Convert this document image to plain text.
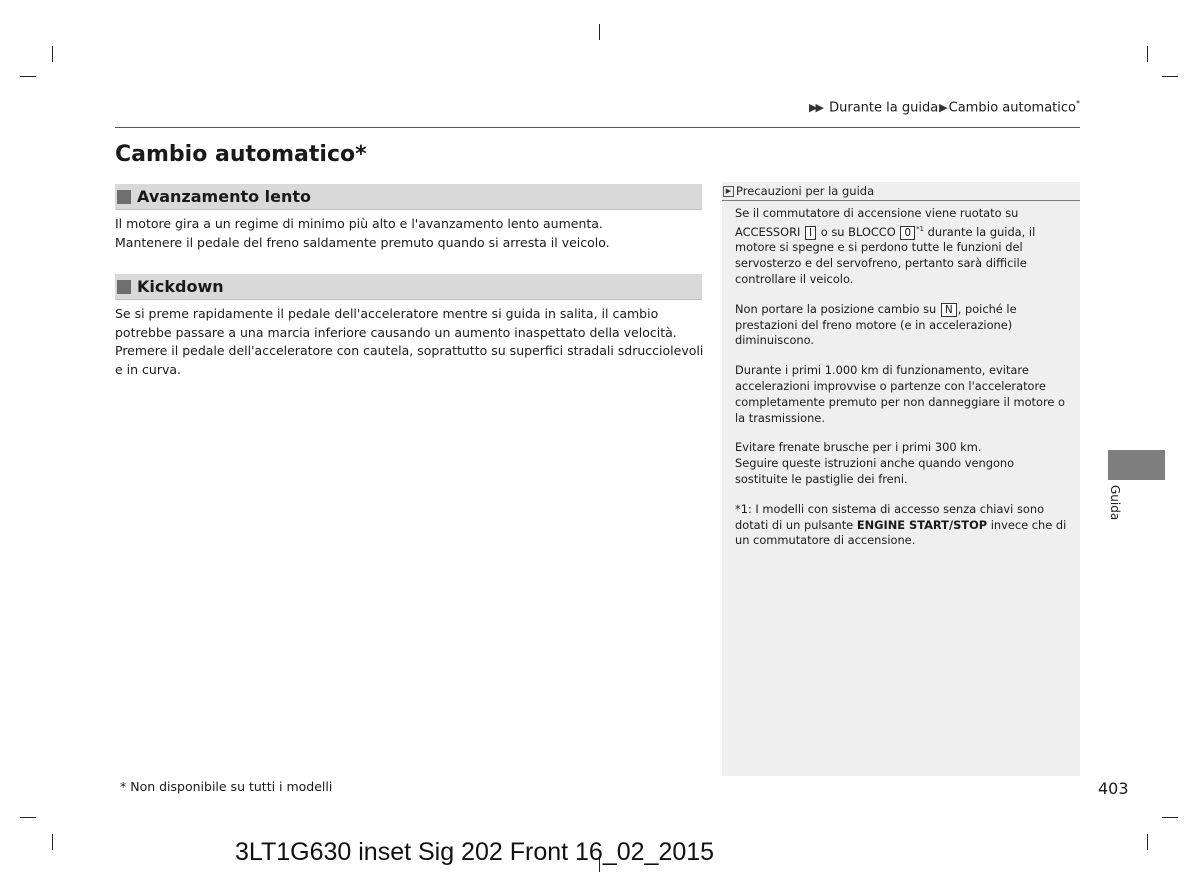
▶▶ Durante la guida▶Cambio automatico*
Cambio automatico*
Avanzamento lento

Il motore gira a un regime di minimo più alto e l'avanzamento lento aumenta.

Mantenere il pedale del freno saldamente premuto quando si arresta il veicolo.

Kickdown

Se si preme rapidamente il pedale dell'acceleratore mentre si guida in salita, il cambio potrebbe passare a una marcia inferiore causando un aumento inaspettato della velocità. Premere il pedale dell'acceleratore con cautela, soprattutto su superfici stradali sdrucciolevoli e in curva.

▶ Precauzioni per la guida

Se il commutatore di accensione viene ruotato su ACCESSORI I o su BLOCCO 0 $^{*1}$ durante la guida, il motore si spegne e si perdono tutte le funzioni del servosterzo e del servofreno, pertanto sarà difficile controllare il veicolo.

Non portare la posizione cambio su N , poiché le prestazioni del freno motore (e in accelerazione) diminuiscono.

Durante i primi 1.000 km di funzionamento, evitare accelerazioni improvvise o partenze con l'acceleratore completamente premuto per non danneggiare il motore o la trasmissione.

Evitare frenate brusche per i primi 300 km.
Seguire queste istruzioni anche quando vengono sostituite le pastiglie dei freni.

*1: I modelli con sistema di accesso senza chiavi sono dotati di un pulsante ENGINE START/STOP invece che di un commutatore di accensione.

Guida
* Non disponibile su tutti i modelli	403
3LT1G630 inset Sig 202 Front 16_02_2015
